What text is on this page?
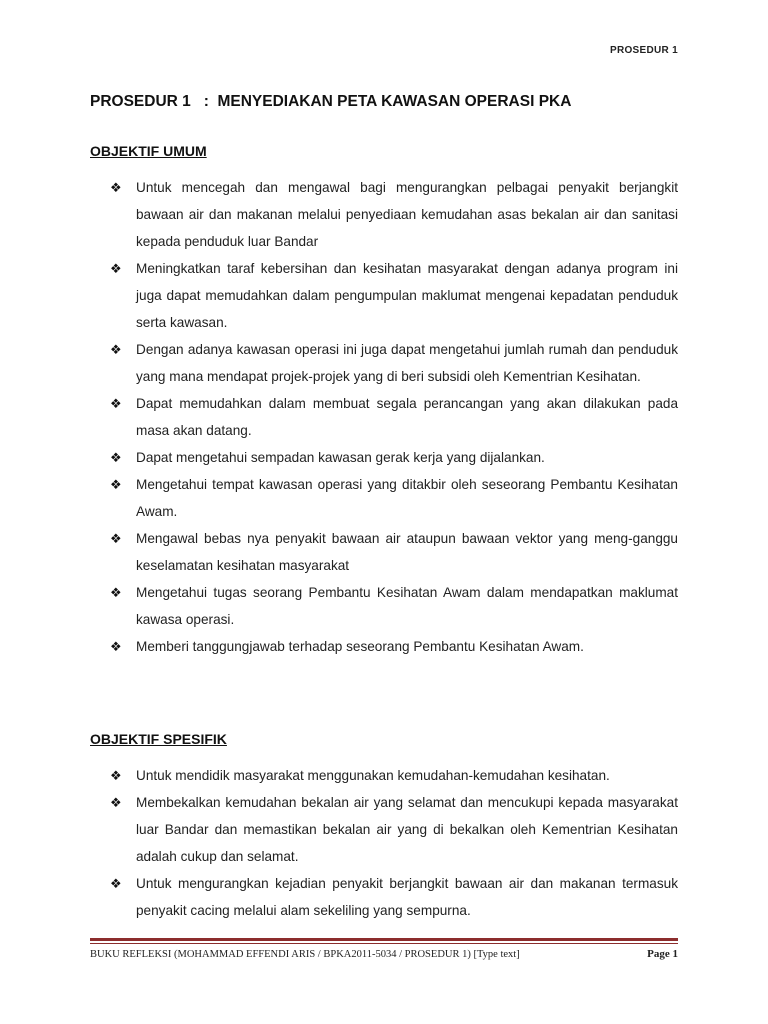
PROSEDUR 1
PROSEDUR 1   :  MENYEDIAKAN PETA KAWASAN OPERASI PKA
OBJEKTIF UMUM
❖ Untuk mencegah dan mengawal bagi mengurangkan pelbagai penyakit berjangkit bawaan air dan makanan melalui penyediaan kemudahan asas bekalan air dan sanitasi kepada penduduk luar Bandar
❖ Meningkatkan taraf kebersihan dan kesihatan masyarakat dengan adanya program ini juga dapat memudahkan dalam pengumpulan maklumat mengenai kepadatan penduduk serta kawasan.
❖ Dengan adanya kawasan operasi ini juga dapat mengetahui jumlah rumah dan penduduk yang mana mendapat projek-projek yang di beri subsidi oleh Kementrian Kesihatan.
❖ Dapat memudahkan dalam membuat segala perancangan yang akan dilakukan pada masa akan datang.
❖ Dapat mengetahui sempadan kawasan gerak kerja yang dijalankan.
❖ Mengetahui tempat kawasan operasi yang ditakbir oleh seseorang Pembantu Kesihatan Awam.
❖ Mengawal bebas nya penyakit bawaan air ataupun bawaan vektor yang meng-ganggu keselamatan kesihatan masyarakat
❖ Mengetahui tugas seorang Pembantu Kesihatan Awam dalam mendapatkan maklumat kawasa operasi.
❖ Memberi tanggungjawab terhadap seseorang Pembantu Kesihatan Awam.
OBJEKTIF SPESIFIK
❖ Untuk mendidik masyarakat menggunakan kemudahan-kemudahan kesihatan.
❖ Membekalkan kemudahan bekalan air yang selamat dan mencukupi kepada masyarakat luar Bandar dan memastikan bekalan air yang di bekalkan oleh Kementrian Kesihatan adalah cukup dan selamat.
❖ Untuk mengurangkan kejadian penyakit berjangkit bawaan air dan makanan termasuk penyakit cacing melalui alam sekeliling yang sempurna.
BUKU REFLEKSI (MOHAMMAD EFFENDI ARIS / BPKA2011-5034 / PROSEDUR 1) [Type text]	Page 1
